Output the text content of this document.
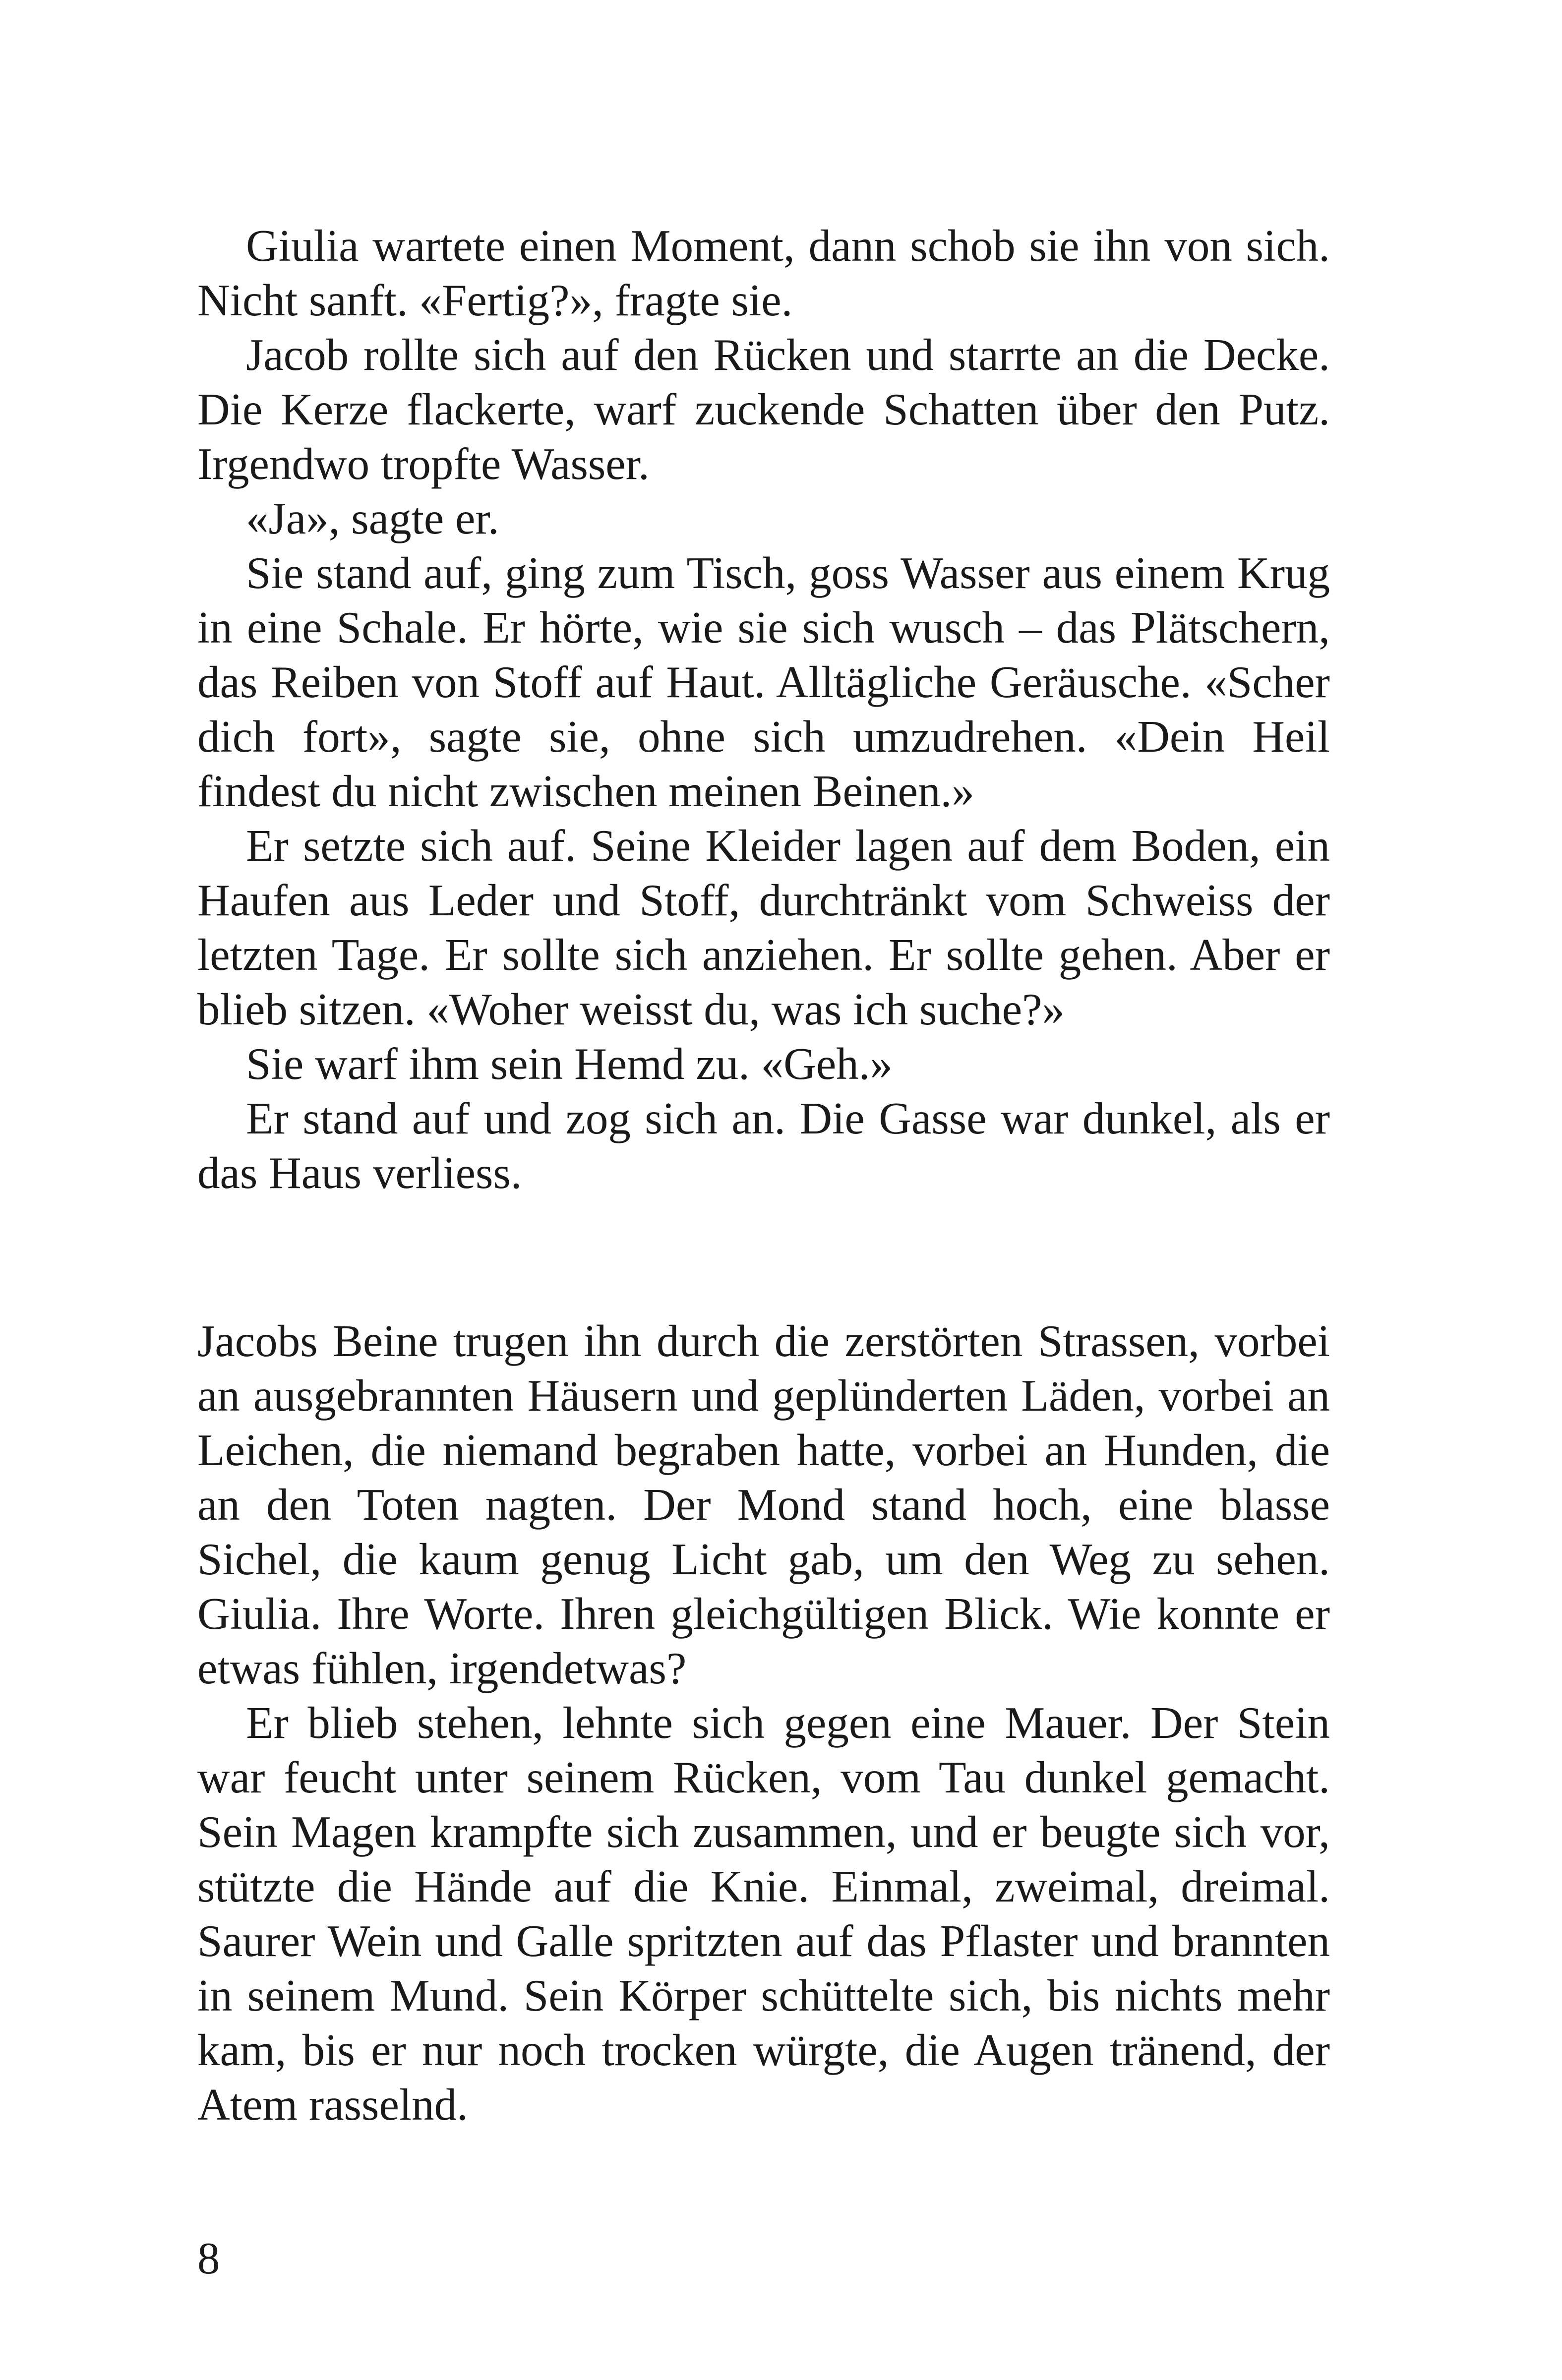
Giulia wartete einen Moment, dann schob sie ihn von sich. Nicht sanft. «Fertig?», fragte sie.

Jacob rollte sich auf den Rücken und starrte an die Decke. Die Kerze flackerte, warf zuckende Schatten über den Putz. Irgendwo tropfte Wasser.

«Ja», sagte er.

Sie stand auf, ging zum Tisch, goss Wasser aus einem Krug in eine Schale. Er hörte, wie sie sich wusch – das Plätschern, das Reiben von Stoff auf Haut. Alltägliche Geräusche. «Scher dich fort», sagte sie, ohne sich umzudrehen. «Dein Heil findest du nicht zwischen meinen Beinen.»

Er setzte sich auf. Seine Kleider lagen auf dem Boden, ein Haufen aus Leder und Stoff, durchtränkt vom Schweiss der letzten Tage. Er sollte sich anziehen. Er sollte gehen. Aber er blieb sitzen. «Woher weisst du, was ich suche?»

Sie warf ihm sein Hemd zu. «Geh.»

Er stand auf und zog sich an. Die Gasse war dunkel, als er das Haus verliess.

Jacobs Beine trugen ihn durch die zerstörten Strassen, vorbei an ausgebrannten Häusern und geplünderten Läden, vorbei an Leichen, die niemand begraben hatte, vorbei an Hunden, die an den Toten nagten. Der Mond stand hoch, eine blasse Sichel, die kaum genug Licht gab, um den Weg zu sehen. Giulia. Ihre Worte. Ihren gleichgültigen Blick. Wie konnte er etwas fühlen, irgendetwas?

Er blieb stehen, lehnte sich gegen eine Mauer. Der Stein war feucht unter seinem Rücken, vom Tau dunkel gemacht. Sein Magen krampfte sich zusammen, und er beugte sich vor, stützte die Hände auf die Knie. Einmal, zweimal, dreimal. Saurer Wein und Galle spritzten auf das Pflaster und brannten in seinem Mund. Sein Körper schüttelte sich, bis nichts mehr kam, bis er nur noch trocken würgte, die Augen tränend, der Atem rasselnd.

8
